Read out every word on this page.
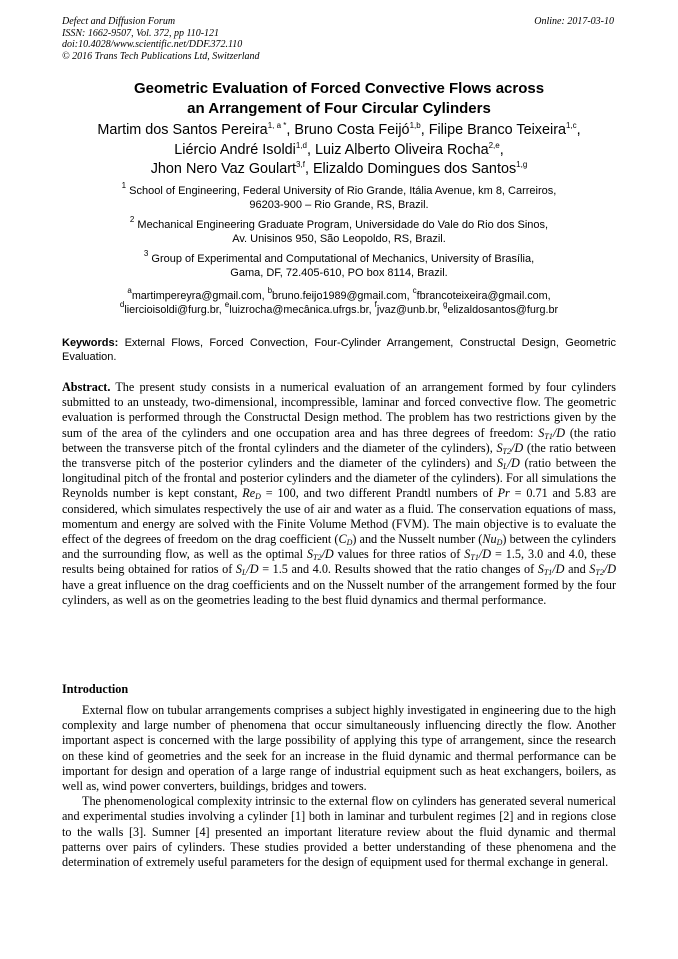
Defect and Diffusion Forum
ISSN: 1662-9507, Vol. 372, pp 110-121
doi:10.4028/www.scientific.net/DDF.372.110
© 2016 Trans Tech Publications Ltd, Switzerland
Online: 2017-03-10
Geometric Evaluation of Forced Convective Flows across
an Arrangement of Four Circular Cylinders
Martim dos Santos Pereira$^{1, a *}$, Bruno Costa Feijó$^{1,b}$, Filipe Branco Teixeira$^{1,c}$,
Liércio André Isoldi$^{1,d}$, Luiz Alberto Oliveira Rocha$^{2,e}$,
Jhon Nero Vaz Goulart$^{3,f}$, Elizaldo Domingues dos Santos$^{1,g}$
$^1$ School of Engineering, Federal University of Rio Grande, Itália Avenue, km 8, Carreiros,
96203-900 – Rio Grande, RS, Brazil.
$^2$ Mechanical Engineering Graduate Program, Universidade do Vale do Rio dos Sinos,
Av. Unisinos 950, São Leopoldo, RS, Brazil.
$^3$ Group of Experimental and Computational of Mechanics, University of Brasília,
Gama, DF, 72.405-610, PO box 8114, Brazil.
$^a$martimpereyra@gmail.com, $^b$bruno.feijo1989@gmail.com, $^c$fbrancoteixeira@gmail.com,
$^d$liercioisoldi@furg.br, $^e$luizrocha@mecânica.ufrgs.br, $^f$jvaz@unb.br, $^g$elizaldosantos@furg.br
Keywords: External Flows, Forced Convection, Four-Cylinder Arrangement, Constructal Design, Geometric Evaluation.
Abstract. The present study consists in a numerical evaluation of an arrangement formed by four cylinders submitted to an unsteady, two-dimensional, incompressible, laminar and forced convective flow. The geometric evaluation is performed through the Constructal Design method. The problem has two restrictions given by the sum of the area of the cylinders and one occupation area and has three degrees of freedom: $S_{T1}/D$ (the ratio between the transverse pitch of the frontal cylinders and the diameter of the cylinders), $S_{T2}/D$ (the ratio between the transverse pitch of the posterior cylinders and the diameter of the cylinders) and $S_L/D$ (ratio between the longitudinal pitch of the frontal and posterior cylinders and the diameter of the cylinders). For all simulations the Reynolds number is kept constant, $Re_D = 100$, and two different Prandtl numbers of Pr = 0.71 and 5.83 are considered, which simulates respectively the use of air and water as a fluid. The conservation equations of mass, momentum and energy are solved with the Finite Volume Method (FVM). The main objective is to evaluate the effect of the degrees of freedom on the drag coefficient $(C_D)$ and the Nusselt number $(Nu_D)$ between the cylinders and the surrounding flow, as well as the optimal $S_{T2}/D$ values for three ratios of $S_{T1}/D = 1.5$, 3.0 and 4.0, these results being obtained for ratios of $S_L/D = 1.5$ and 4.0. Results showed that the ratio changes of $S_{T1}/D$ and $S_{T2}/D$ have a great influence on the drag coefficients and on the Nusselt number of the arrangement formed by the four cylinders, as well as on the geometries leading to the best fluid dynamics and thermal performance.
Introduction

External flow on tubular arrangements comprises a subject highly investigated in engineering due to the high complexity and large number of phenomena that occur simultaneously influencing directly the flow. Another important aspect is concerned with the large possibility of applying this type of arrangement, since the research on these kind of geometries and the seek for an increase in the fluid dynamic and thermal performance can be important for design and operation of a large range of industrial equipment such as heat exchangers, boilers, as well as, wind power converters, buildings, bridges and towers.

The phenomenological complexity intrinsic to the external flow on cylinders has generated several numerical and experimental studies involving a cylinder [1] both in laminar and turbulent regimes [2] and in regions close to the walls [3]. Sumner [4] presented an important literature review about the fluid dynamic and thermal patterns over pairs of cylinders. These studies provided a better understanding of these phenomena and the determination of extremely useful parameters for the design of equipment used for thermal exchange in general.
